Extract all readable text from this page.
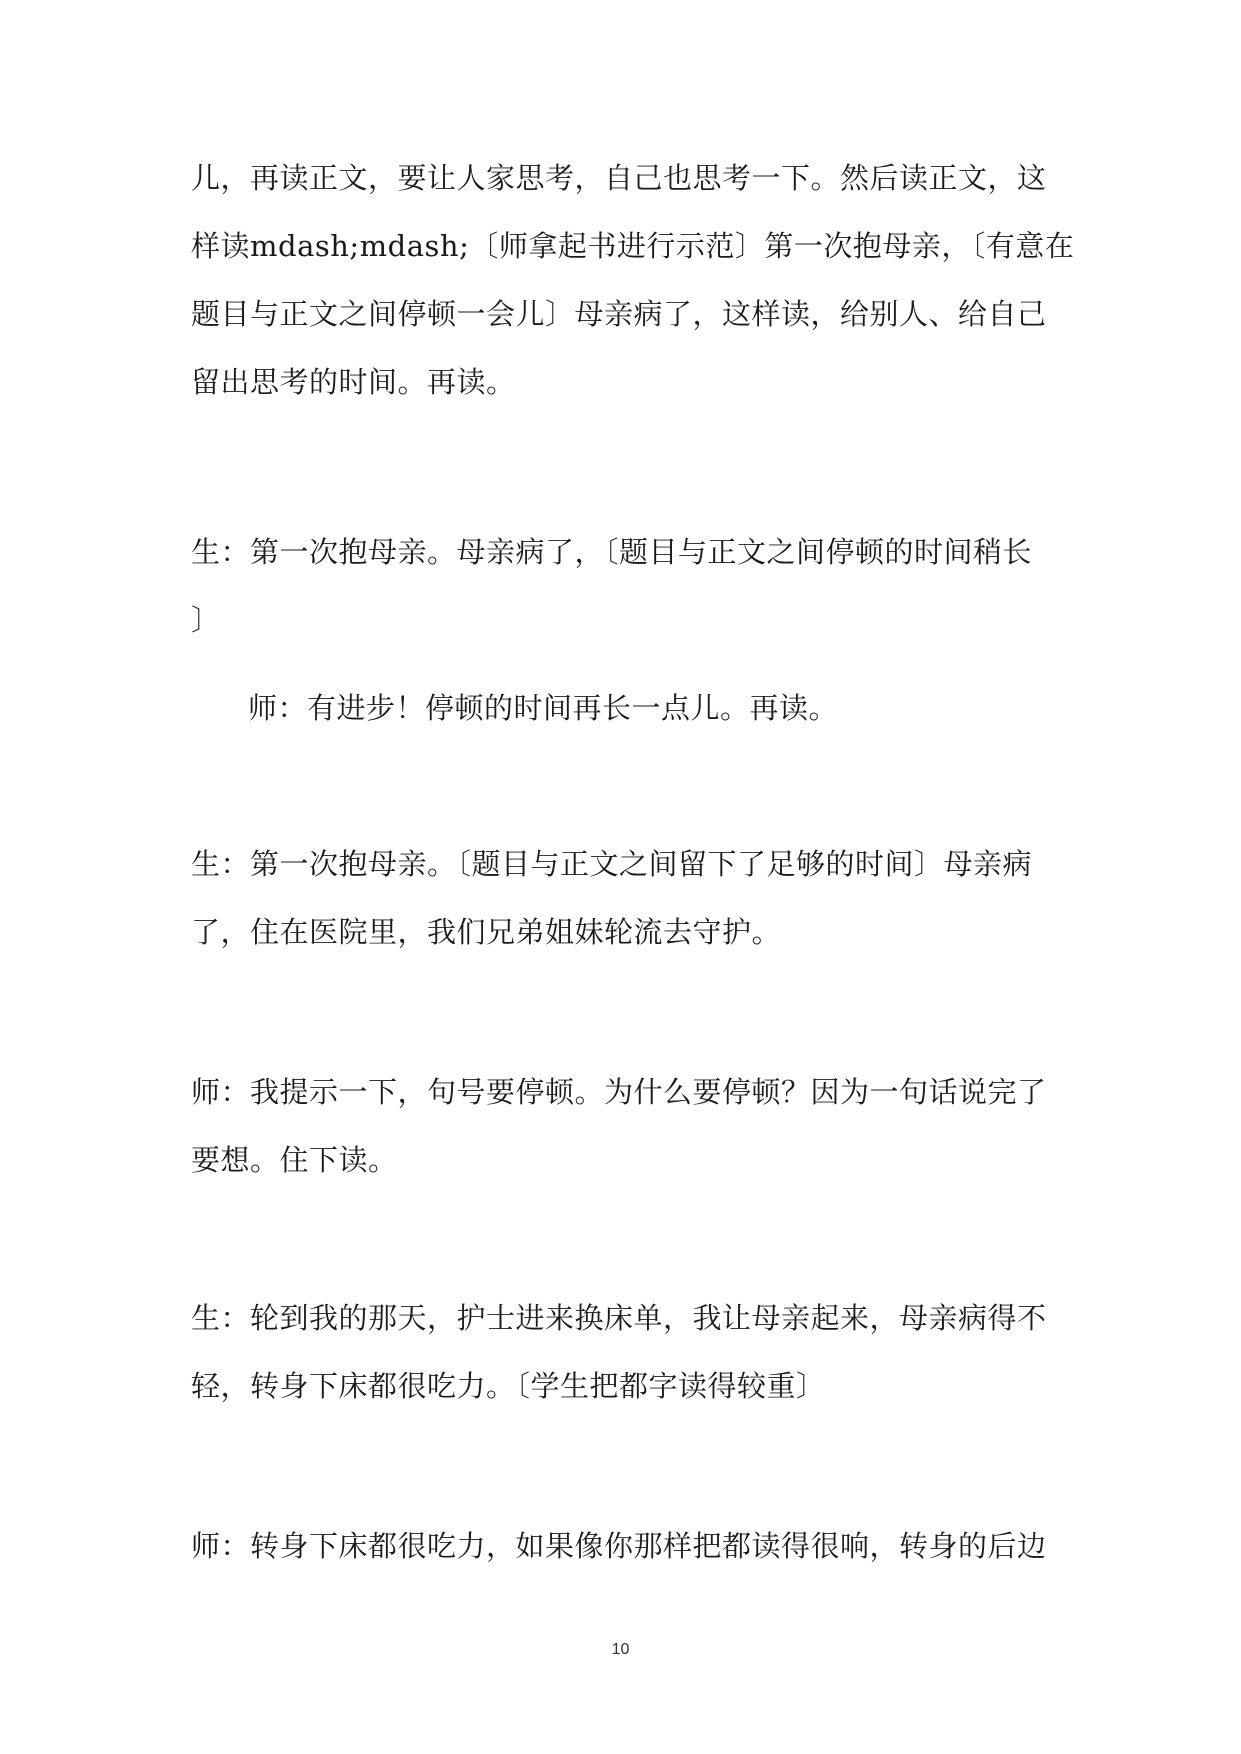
儿，再读正文，要让人家思考，自己也思考一下。然后读正文，这
样读mdash;mdash;〔师拿起书进行示范〕第一次抱母亲，〔有意在
题目与正文之间停顿一会儿〕母亲病了，这样读，给别人、给自己
留出思考的时间。再读。
生：第一次抱母亲。母亲病了，〔题目与正文之间停顿的时间稍长
〕
师：有进步！停顿的时间再长一点儿。再读。
生：第一次抱母亲。〔题目与正文之间留下了足够的时间〕母亲病
了，住在医院里，我们兄弟姐妹轮流去守护。
师：我提示一下，句号要停顿。为什么要停顿？因为一句话说完了
要想。住下读。
生：轮到我的那天，护士进来换床单，我让母亲起来，母亲病得不
轻，转身下床都很吃力。〔学生把都字读得较重〕
师：转身下床都很吃力，如果像你那样把都读得很响，转身的后边
10
